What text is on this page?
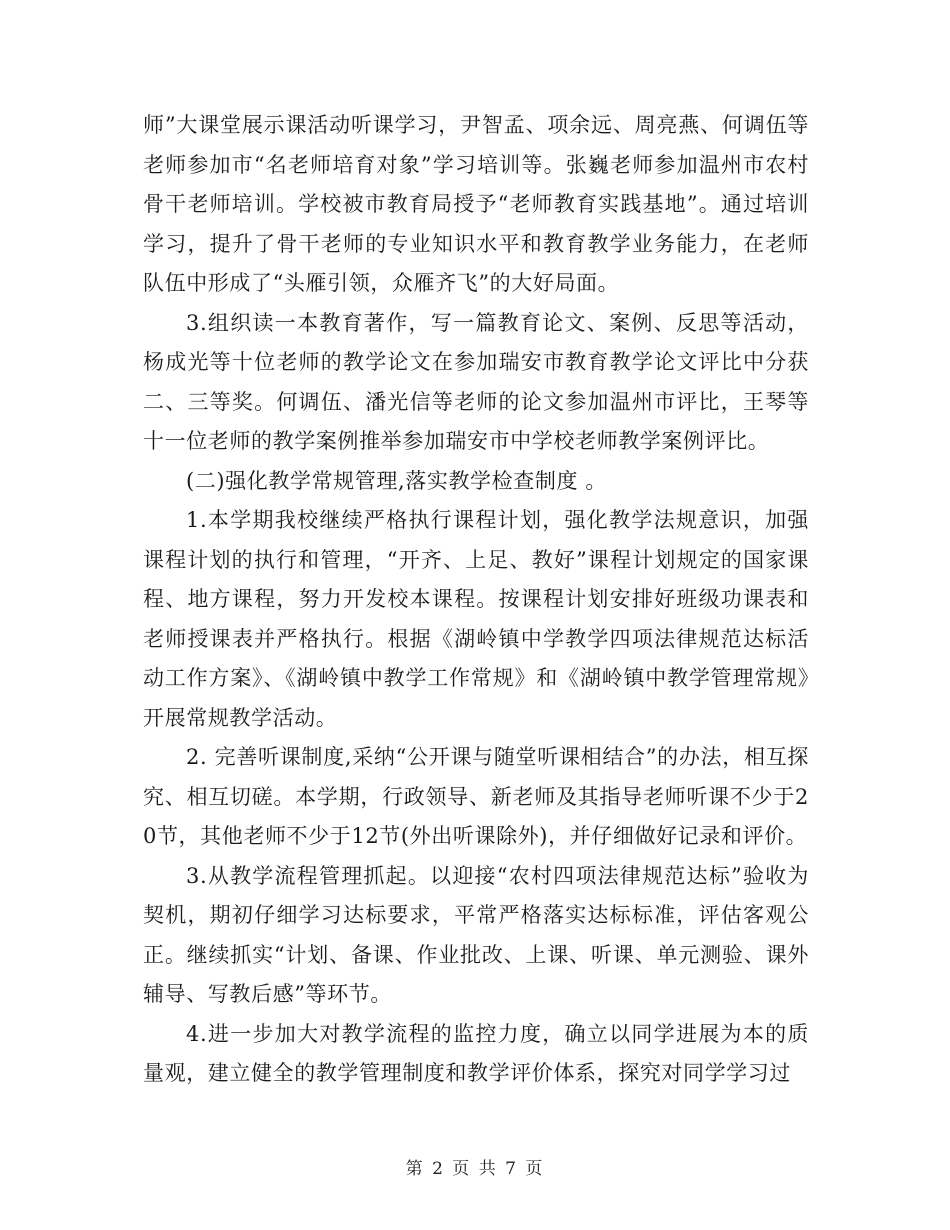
师”大课堂展示课活动听课学习，尹智孟、项余远、周亮燕、何调伍等老师参加市“名老师培育对象”学习培训等。张巍老师参加温州市农村骨干老师培训。学校被市教育局授予“老师教育实践基地”。通过培训学习，提升了骨干老师的专业知识水平和教育教学业务能力，在老师队伍中形成了“头雁引领，众雁齐飞”的大好局面。

3.组织读一本教育著作，写一篇教育论文、案例、反思等活动，杨成光等十位老师的教学论文在参加瑞安市教育教学论文评比中分获二、三等奖。何调伍、潘光信等老师的论文参加温州市评比，王琴等十一位老师的教学案例推举参加瑞安市中学校老师教学案例评比。

(二)强化教学常规管理,落实教学检查制度 。

1.本学期我校继续严格执行课程计划，强化教学法规意识，加强课程计划的执行和管理，“开齐、上足、教好”课程计划规定的国家课程、地方课程，努力开发校本课程。按课程计划安排好班级功课表和老师授课表并严格执行。根据《湖岭镇中学教学四项法律规范达标活动工作方案》、《湖岭镇中教学工作常规》和《湖岭镇中教学管理常规》开展常规教学活动。

2. 完善听课制度,采纳“公开课与随堂听课相结合”的办法，相互探究、相互切磋。本学期，行政领导、新老师及其指导老师听课不少于20节，其他老师不少于12节(外出听课除外)，并仔细做好记录和评价。

3.从教学流程管理抓起。以迎接“农村四项法律规范达标”验收为契机，期初仔细学习达标要求，平常严格落实达标标准，评估客观公正。继续抓实“计划、备课、作业批改、上课、听课、单元测验、课外辅导、写教后感”等环节。

4.进一步加大对教学流程的监控力度，确立以同学进展为本的质量观，建立健全的教学管理制度和教学评价体系，探究对同学学习过

第 2 页 共 7 页
